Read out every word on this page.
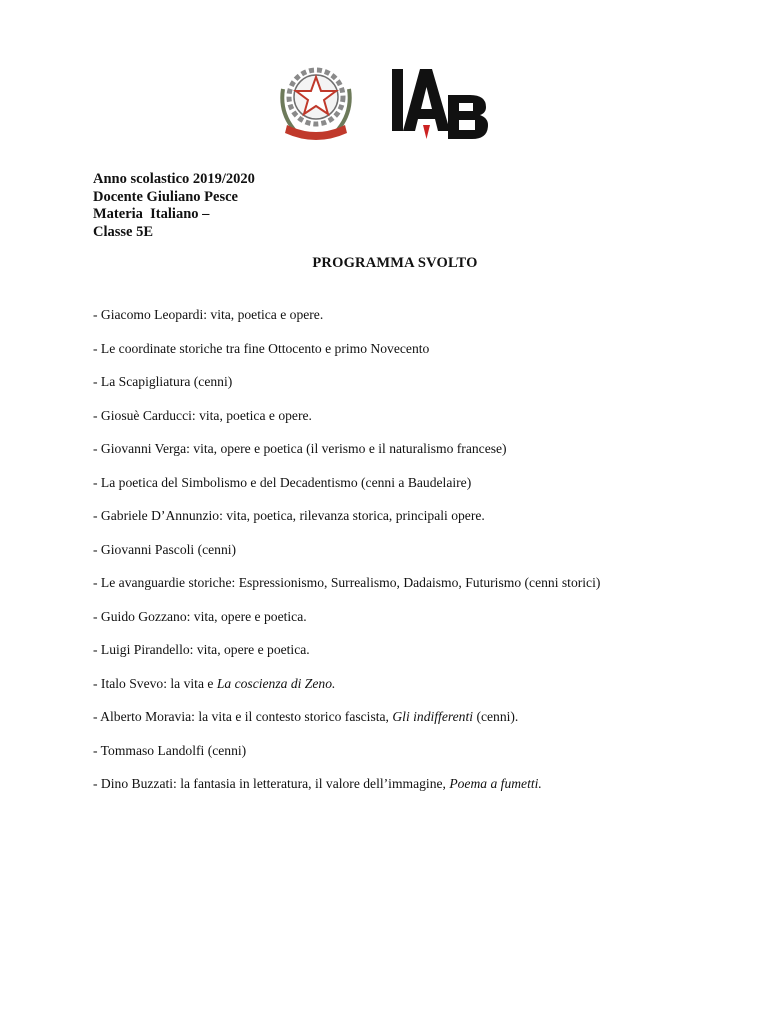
Anno scolastico 2019/2020
Docente Giuliano Pesce
Materia  Italiano –
Classe 5E
PROGRAMMA SVOLTO
- Giacomo Leopardi: vita, poetica e opere.
- Le coordinate storiche tra fine Ottocento e primo Novecento
- La Scapigliatura (cenni)
- Giosuè Carducci: vita, poetica e opere.
- Giovanni Verga: vita, opere e poetica (il verismo e il naturalismo francese)
- La poetica del Simbolismo e del Decadentismo (cenni a Baudelaire)
- Gabriele D’Annunzio: vita, poetica, rilevanza storica, principali opere.
- Giovanni Pascoli (cenni)
- Le avanguardie storiche: Espressionismo, Surrealismo, Dadaismo, Futurismo (cenni storici)
- Guido Gozzano: vita, opere e poetica.
- Luigi Pirandello: vita, opere e poetica.
- Italo Svevo: la vita e La coscienza di Zeno.
- Alberto Moravia: la vita e il contesto storico fascista, Gli indifferenti (cenni).
- Tommaso Landolfi (cenni)
- Dino Buzzati: la fantasia in letteratura, il valore dell’immagine, Poema a fumetti.
